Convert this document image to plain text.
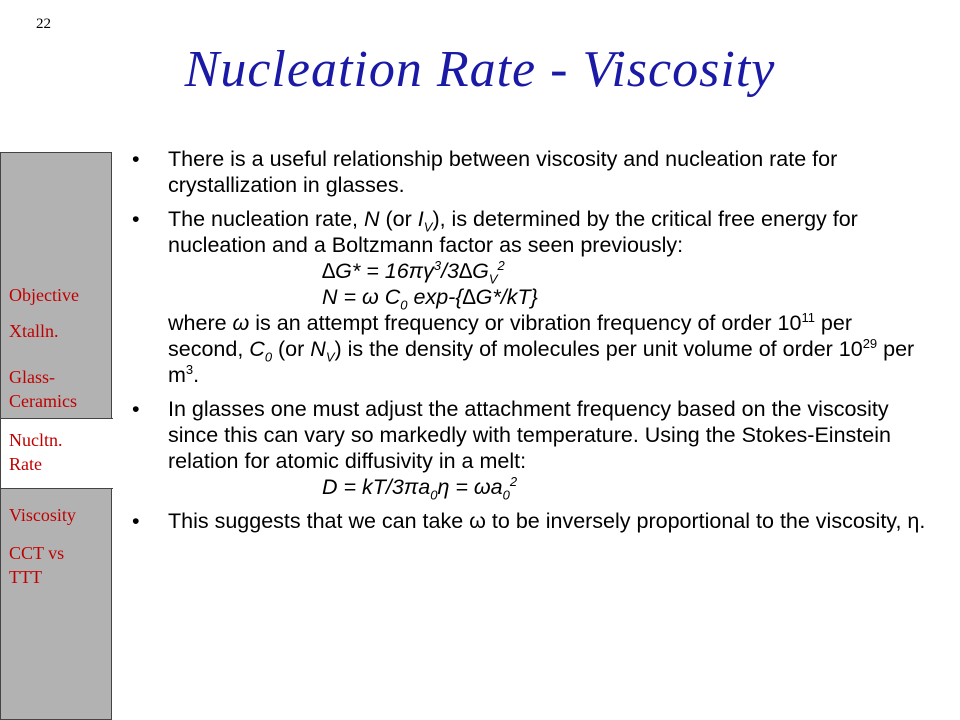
22
Nucleation Rate - Viscosity
Objective
Xtalln.
Glass-
Ceramics
Nucltn.
Rate
Viscosity
CCT vs
TTT
• There is a useful relationship between viscosity and nucleation rate for crystallization in glasses.
• The nucleation rate, N (or $I_V$), is determined by the critical free energy for nucleation and a Boltzmann factor as seen previously:
$\Delta G* = 16\pi\gamma^3/3\Delta G_V^2$
N = ω $C_0$ exp-{∆G*/kT}
where ω is an attempt frequency or vibration frequency of order $10^{11}$ per second, $C_0$ (or $N_V$) is the density of molecules per unit volume of order $10^{29}$ per $m^3$.
• In glasses one must adjust the attachment frequency based on the viscosity since this can vary so markedly with temperature. Using the Stokes-Einstein relation for atomic diffusivity in a melt:
$D = kT/3\pi a_0\eta = \omega a_0^2$
• This suggests that we can take ω to be inversely proportional to the viscosity, η.
